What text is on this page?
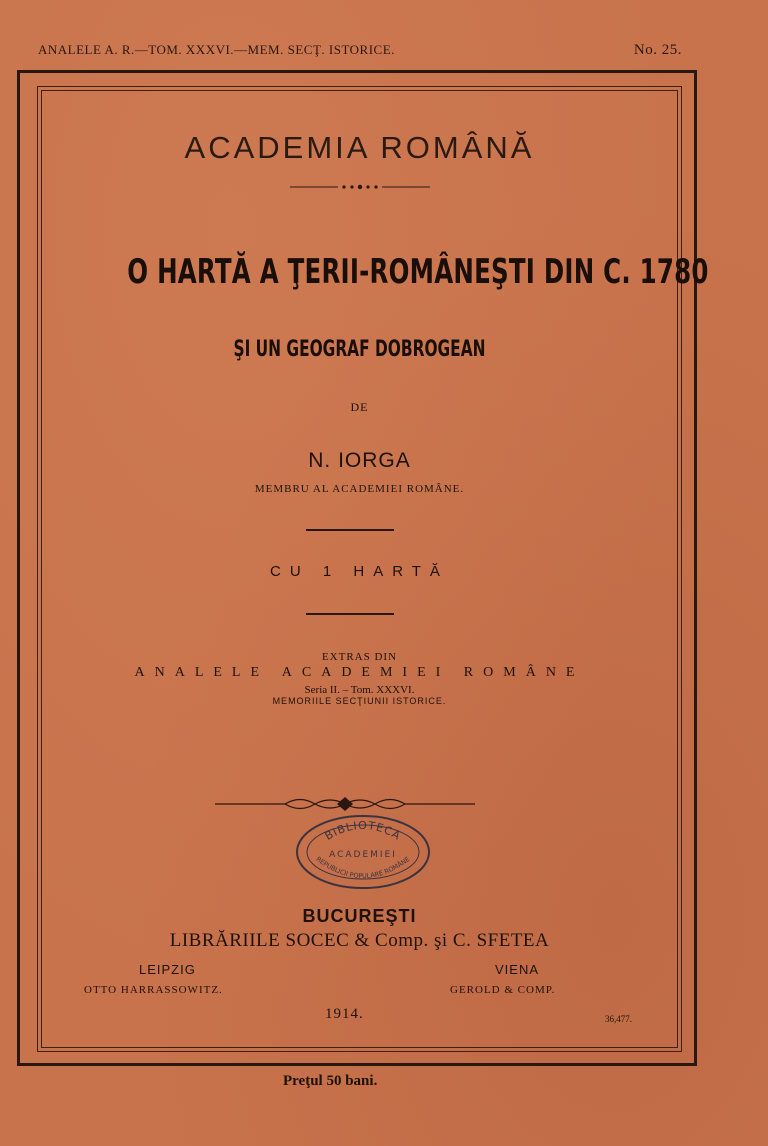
ANALELE A. R.—TOM. XXXVI.—MEM. SECŢ. ISTORICE.	No. 25.
ACADEMIA ROMÂNĂ
O HARTĂ A ŢERII-ROMÂNEŞTI DIN C. 1780
ŞI UN GEOGRAF DOBROGEAN
DE
N. IORGA
MEMBRU AL ACADEMIEI ROMÂNE.
CU 1 HARTĂ
EXTRAS DIN
ANALELE ACADEMIEI ROMÂNE
Seria II. – Tom. XXXVI.
MEMORIILE SECŢIUNII ISTORICE.
BIBLIOTECA
ACADEMIEI
REPUBLICII POPULARE ROMÂNE
BUCUREŞTI
LIBRĂRIILE SOCEC & Comp. şi C. SFETEA
LEIPZIG	VIENA
OTTO HARRASSOWITZ.	GEROLD & COMP.
1914.	36,477.
Preţul 50 bani.
